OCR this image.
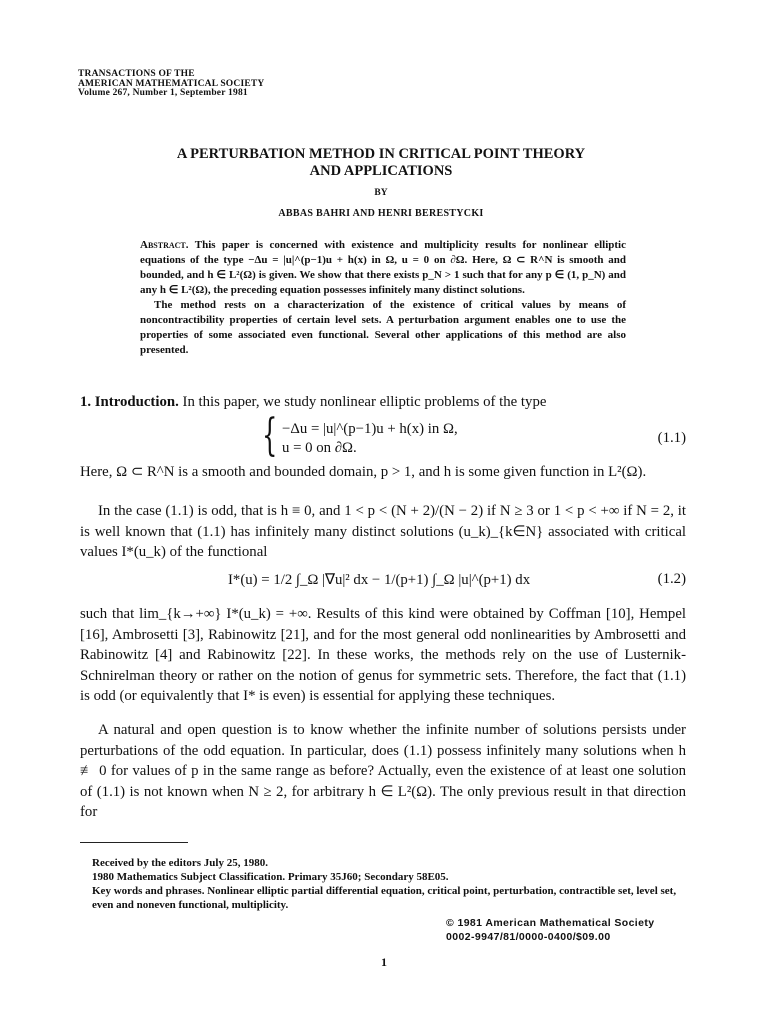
TRANSACTIONS OF THE
AMERICAN MATHEMATICAL SOCIETY
Volume 267, Number 1, September 1981
A PERTURBATION METHOD IN CRITICAL POINT THEORY
AND APPLICATIONS
BY
ABBAS BAHRI AND HENRI BERESTYCKI

Abstract. This paper is concerned with existence and multiplicity results for nonlinear elliptic equations of the type −Δu = |u|^(p−1)u + h(x) in Ω, u = 0 on ∂Ω. Here, Ω ⊂ R^N is smooth and bounded, and h ∈ L²(Ω) is given. We show that there exists p_N > 1 such that for any p ∈ (1, p_N) and any h ∈ L²(Ω), the preceding equation possesses infinitely many distinct solutions.

The method rests on a characterization of the existence of critical values by means of noncontractibility properties of certain level sets. A perturbation argument enables one to use the properties of some associated even functional. Several other applications of this method are also presented.

1. Introduction. In this paper, we study nonlinear elliptic problems of the type

{ −Δu = |u|^(p−1)u + h(x) in Ω,
u = 0 on ∂Ω.
(1.1)

Here, Ω ⊂ R^N is a smooth and bounded domain, p > 1, and h is some given function in L²(Ω).

In the case (1.1) is odd, that is h ≡ 0, and 1 < p < (N + 2)/(N − 2) if N ≥ 3 or 1 < p < +∞ if N = 2, it is well known that (1.1) has infinitely many distinct solutions (u_k)_{k∈N} associated with critical values I*(u_k) of the functional

I*(u) = 1/2 ∫_Ω |∇u|² dx − 1/(p+1) ∫_Ω |u|^(p+1) dx	(1.2)

such that lim_{k→+∞} I*(u_k) = +∞. Results of this kind were obtained by Coffman [10], Hempel [16], Ambrosetti [3], Rabinowitz [21], and for the most general odd nonlinearities by Ambrosetti and Rabinowitz [4] and Rabinowitz [22]. In these works, the methods rely on the use of Lusternik-Schnirelman theory or rather on the notion of genus for symmetric sets. Therefore, the fact that (1.1) is odd (or equivalently that I* is even) is essential for applying these techniques.

A natural and open question is to know whether the infinite number of solutions persists under perturbations of the odd equation. In particular, does (1.1) possess infinitely many solutions when h ≢ 0 for values of p in the same range as before? Actually, even the existence of at least one solution of (1.1) is not known when N ≥ 2, for arbitrary h ∈ L²(Ω). The only previous result in that direction for

Received by the editors July 25, 1980.
1980 Mathematics Subject Classification. Primary 35J60; Secondary 58E05.
Key words and phrases. Nonlinear elliptic partial differential equation, critical point, perturbation, contractible set, level set, even and noneven functional, multiplicity.
© 1981 American Mathematical Society
0002-9947/81/0000-0400/$09.00
1
